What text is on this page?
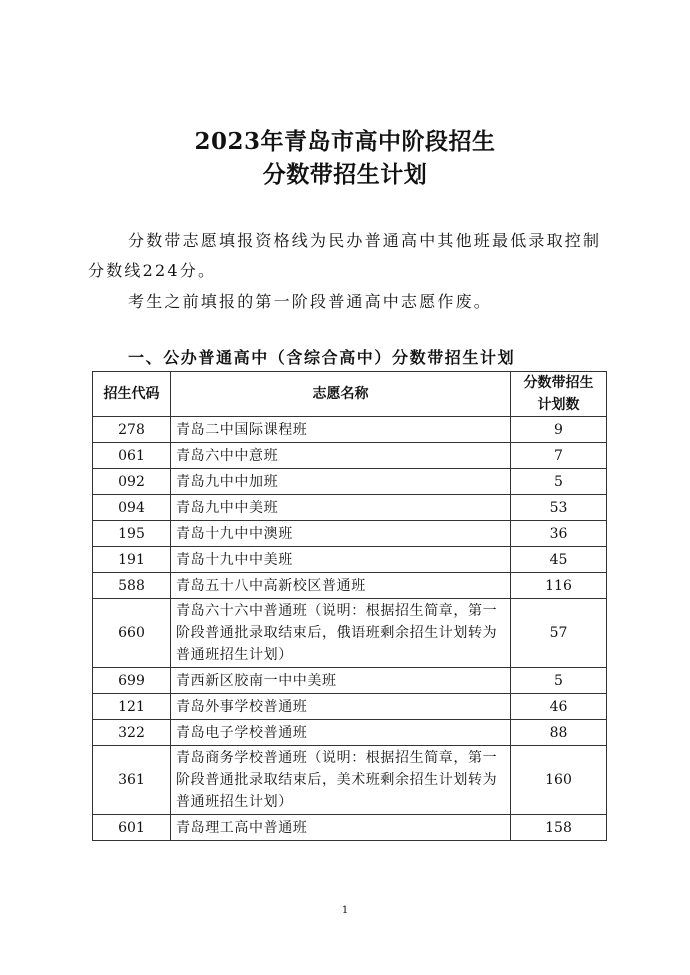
2023年青岛市高中阶段招生
分数带招生计划
分数带志愿填报资格线为民办普通高中其他班最低录取控制分数线224分。
考生之前填报的第一阶段普通高中志愿作废。
一、公办普通高中（含综合高中）分数带招生计划
招生代码	志愿名称	分数带招生
计划数
278	青岛二中国际课程班	9
061	青岛六中中意班	7
092	青岛九中中加班	5
094	青岛九中中美班	53
195	青岛十九中中澳班	36
191	青岛十九中中美班	45
588	青岛五十八中高新校区普通班	116
660	青岛六十六中普通班（说明：根据招生简章，第一阶段普通批录取结束后，俄语班剩余招生计划转为普通班招生计划）	57
699	青西新区胶南一中中美班	5
121	青岛外事学校普通班	46
322	青岛电子学校普通班	88
361	青岛商务学校普通班（说明：根据招生简章，第一阶段普通批录取结束后，美术班剩余招生计划转为普通班招生计划）	160
601	青岛理工高中普通班	158
1
